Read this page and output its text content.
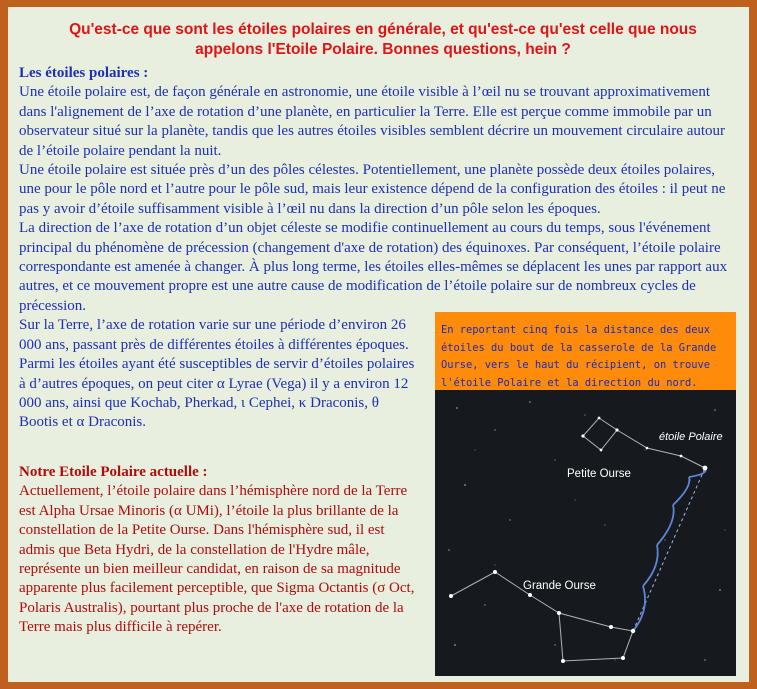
Qu'est-ce que sont les étoiles polaires en générale, et qu'est-ce qu'est celle que nous appelons l'Etoile Polaire. Bonnes questions, hein ?

Les étoiles polaires :

Une étoile polaire est, de façon générale en astronomie, une étoile visible à l’œil nu se trouvant approximativement dans l'alignement de l’axe de rotation d’une planète, en particulier la Terre. Elle est perçue comme immobile par un observateur situé sur la planète, tandis que les autres étoiles visibles semblent décrire un mouvement circulaire autour de l’étoile polaire pendant la nuit.

Une étoile polaire est située près d’un des pôles célestes. Potentiellement, une planète possède deux étoiles polaires, une pour le pôle nord et l’autre pour le pôle sud, mais leur existence dépend de la configuration des étoiles : il peut ne pas y avoir d’étoile suffisamment visible à l’œil nu dans la direction d’un pôle selon les époques.

La direction de l’axe de rotation d’un objet céleste se modifie continuellement au cours du temps, sous l'événement principal du phénomène de précession (changement d'axe de rotation) des équinoxes. Par conséquent, l’étoile polaire correspondante est amenée à changer. À plus long terme, les étoiles elles-mêmes se déplacent les unes par rapport aux autres, et ce mouvement propre est une autre cause de modification de l’étoile polaire sur de nombreux cycles de précession.

Sur la Terre, l’axe de rotation varie sur une période d’environ 26 000 ans, passant près de différentes étoiles à différentes époques. Parmi les étoiles ayant été susceptibles de servir d’étoiles polaires à d’autres époques, on peut citer α Lyrae (Vega) il y a environ 12 000 ans, ainsi que Kochab, Pherkad, ι Cephei, κ Draconis, θ Bootis et α Draconis.

Notre Etoile Polaire actuelle :

Actuellement, l’étoile polaire dans l’hémisphère nord de la Terre est Alpha Ursae Minoris (α UMi), l’étoile la plus brillante de la constellation de la Petite Ourse. Dans l'hémisphère sud, il est admis que Beta Hydri, de la constellation de l'Hydre mâle, représente un bien meilleur candidat, en raison de sa magnitude apparente plus facilement perceptible, que Sigma Octantis (σ Oct, Polaris Australis), pourtant plus proche de l'axe de rotation de la Terre mais plus difficile à repérer.

En reportant cinq fois la distance des deux étoiles du bout de la casserole de la Grande Ourse, vers le haut du récipient, on trouve l'étoile Polaire et la direction du nord.
étoile Polaire
Petite Ourse
Grande Ourse
